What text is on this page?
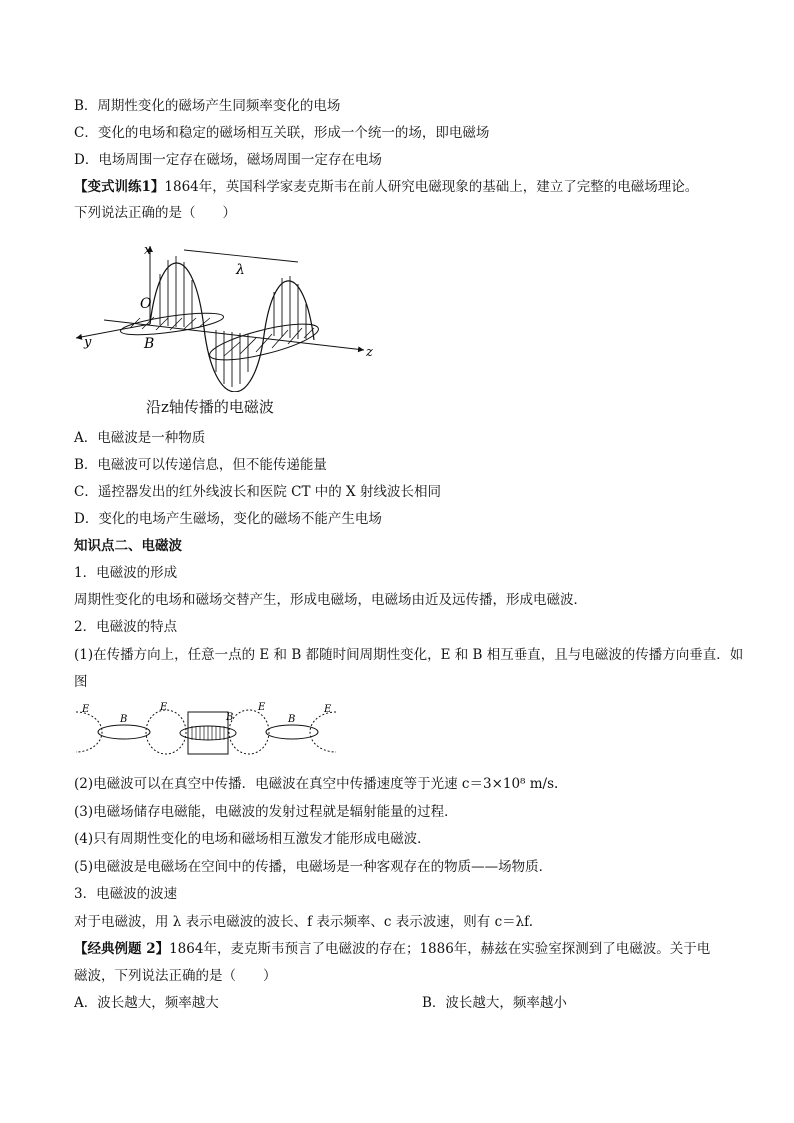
B．周期性变化的磁场产生同频率变化的电场
C．变化的电场和稳定的磁场相互关联，形成一个统一的场，即电磁场
D．电场周围一定存在磁场，磁场周围一定存在电场
【变式训练1】1864年，英国科学家麦克斯韦在前人研究电磁现象的基础上，建立了完整的电磁场理论。
下列说法正确的是（　　）
x
y
z
O
B
λ
沿z轴传播的电磁波
A．电磁波是一种物质
B．电磁波可以传递信息，但不能传递能量
C．遥控器发出的红外线波长和医院 CT 中的 X 射线波长相同
D．变化的电场产生磁场，变化的磁场不能产生电场
知识点二、电磁波
1．电磁波的形成
周期性变化的电场和磁场交替产生，形成电磁场，电磁场由近及远传播，形成电磁波．
2．电磁波的特点
(1)在传播方向上，任意一点的 E 和 B 都随时间周期性变化，E 和 B 相互垂直，且与电磁波的传播方向垂直．如
图
E
B
E
B
E
B
E
(2)电磁波可以在真空中传播．电磁波在真空中传播速度等于光速 c＝3×10⁸ m/s.
(3)电磁场储存电磁能，电磁波的发射过程就是辐射能量的过程．
(4)只有周期性变化的电场和磁场相互激发才能形成电磁波．
(5)电磁波是电磁场在空间中的传播，电磁场是一种客观存在的物质——场物质．
3．电磁波的波速
对于电磁波，用 λ 表示电磁波的波长、f 表示频率、c 表示波速，则有 c＝λf.
【经典例题 2】1864年，麦克斯韦预言了电磁波的存在；1886年，赫兹在实验室探测到了电磁波。关于电
磁波，下列说法正确的是（　　）
A．波长越大，频率越大	B．波长越大，频率越小
